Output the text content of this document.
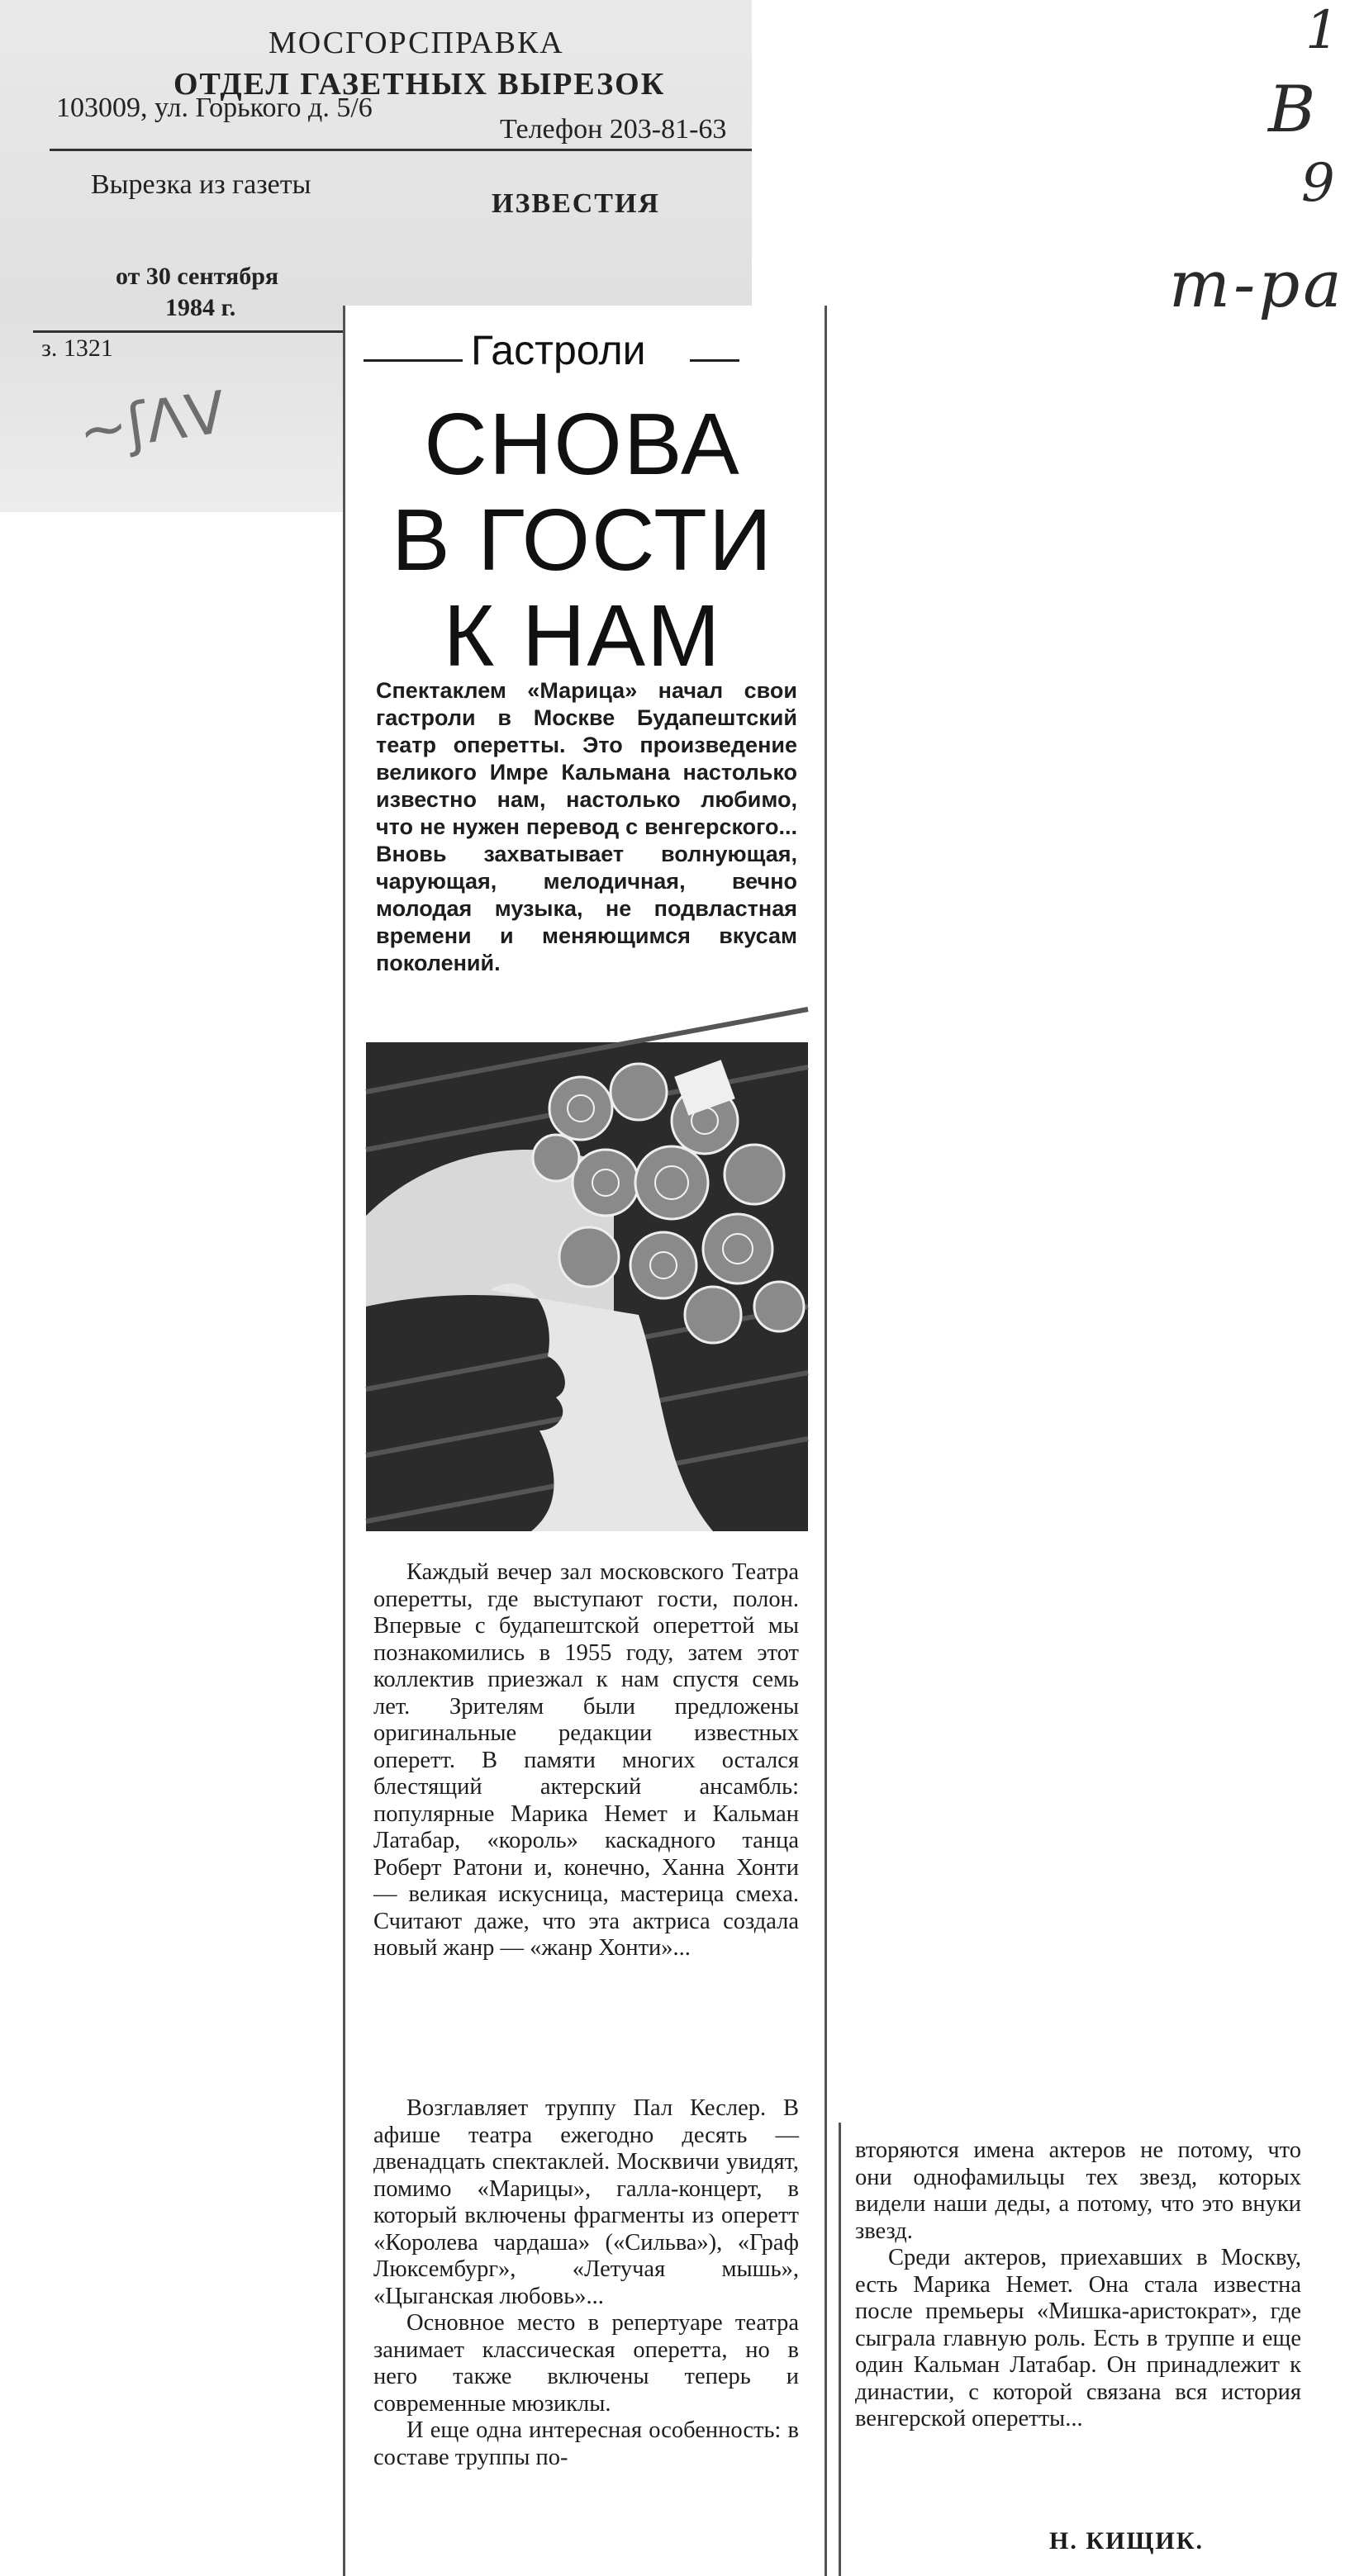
МОСГОРСПРАВКА
ОТДЕЛ ГАЗЕТНЫХ ВЫРЕЗОК
103009, ул. Горького д. 5/6
Телефон 203-81-63
Вырезка из газеты
ИЗВЕСТИЯ
от 30 сентября
1984 г.
з. 1321
~ʃᐱᐯ
1
В
9
т-ра
Гастроли
СНОВА
В ГОСТИ
К НАМ
Спектаклем «Марица» начал свои гастроли в Москве Будапештский театр оперетты. Это произведение великого Имре Кальмана настолько известно нам, настолько любимо, что не нужен перевод с венгерского... Вновь захватывает волнующая, чарующая, мелодичная, вечно молодая музыка, не подвластная времени и меняющимся вкусам поколений.

Каждый вечер зал московского Театра оперетты, где выступают гости, полон. Впервые с будапештской опереттой мы познакомились в 1955 году, затем этот коллектив приезжал к нам спустя семь лет. Зрителям были предложены оригинальные редакции известных оперетт. В памяти многих остался блестящий актерский ансамбль: популярные Марика Немет и Кальман Латабар, «король» каскадного танца Роберт Ратони и, конечно, Ханна Хонти — великая искусница, мастерица смеха. Считают даже, что эта актриса создала новый жанр — «жанр Хонти»...

Возглавляет труппу Пал Кеслер. В афише театра ежегодно десять — двенадцать спектаклей. Москвичи увидят, помимо «Марицы», галла-концерт, в который включены фрагменты из оперетт «Королева чардаша» («Сильва»), «Граф Люксембург», «Летучая мышь», «Цыганская любовь»...

Основное место в репертуаре театра занимает классическая оперетта, но в него также включены теперь и современные мюзиклы.

И еще одна интересная особенность: в составе труппы по-

вторяются имена актеров не потому, что они однофамильцы тех звезд, которых видели наши деды, а потому, что это внуки звезд.

Среди актеров, приехавших в Москву, есть Марика Немет. Она стала известна после премьеры «Мишка-аристократ», где сыграла главную роль. Есть в труппе и еще один Кальман Латабар. Он принадлежит к династии, с которой связана вся история венгерской оперетты...

Н. КИЩИК.
